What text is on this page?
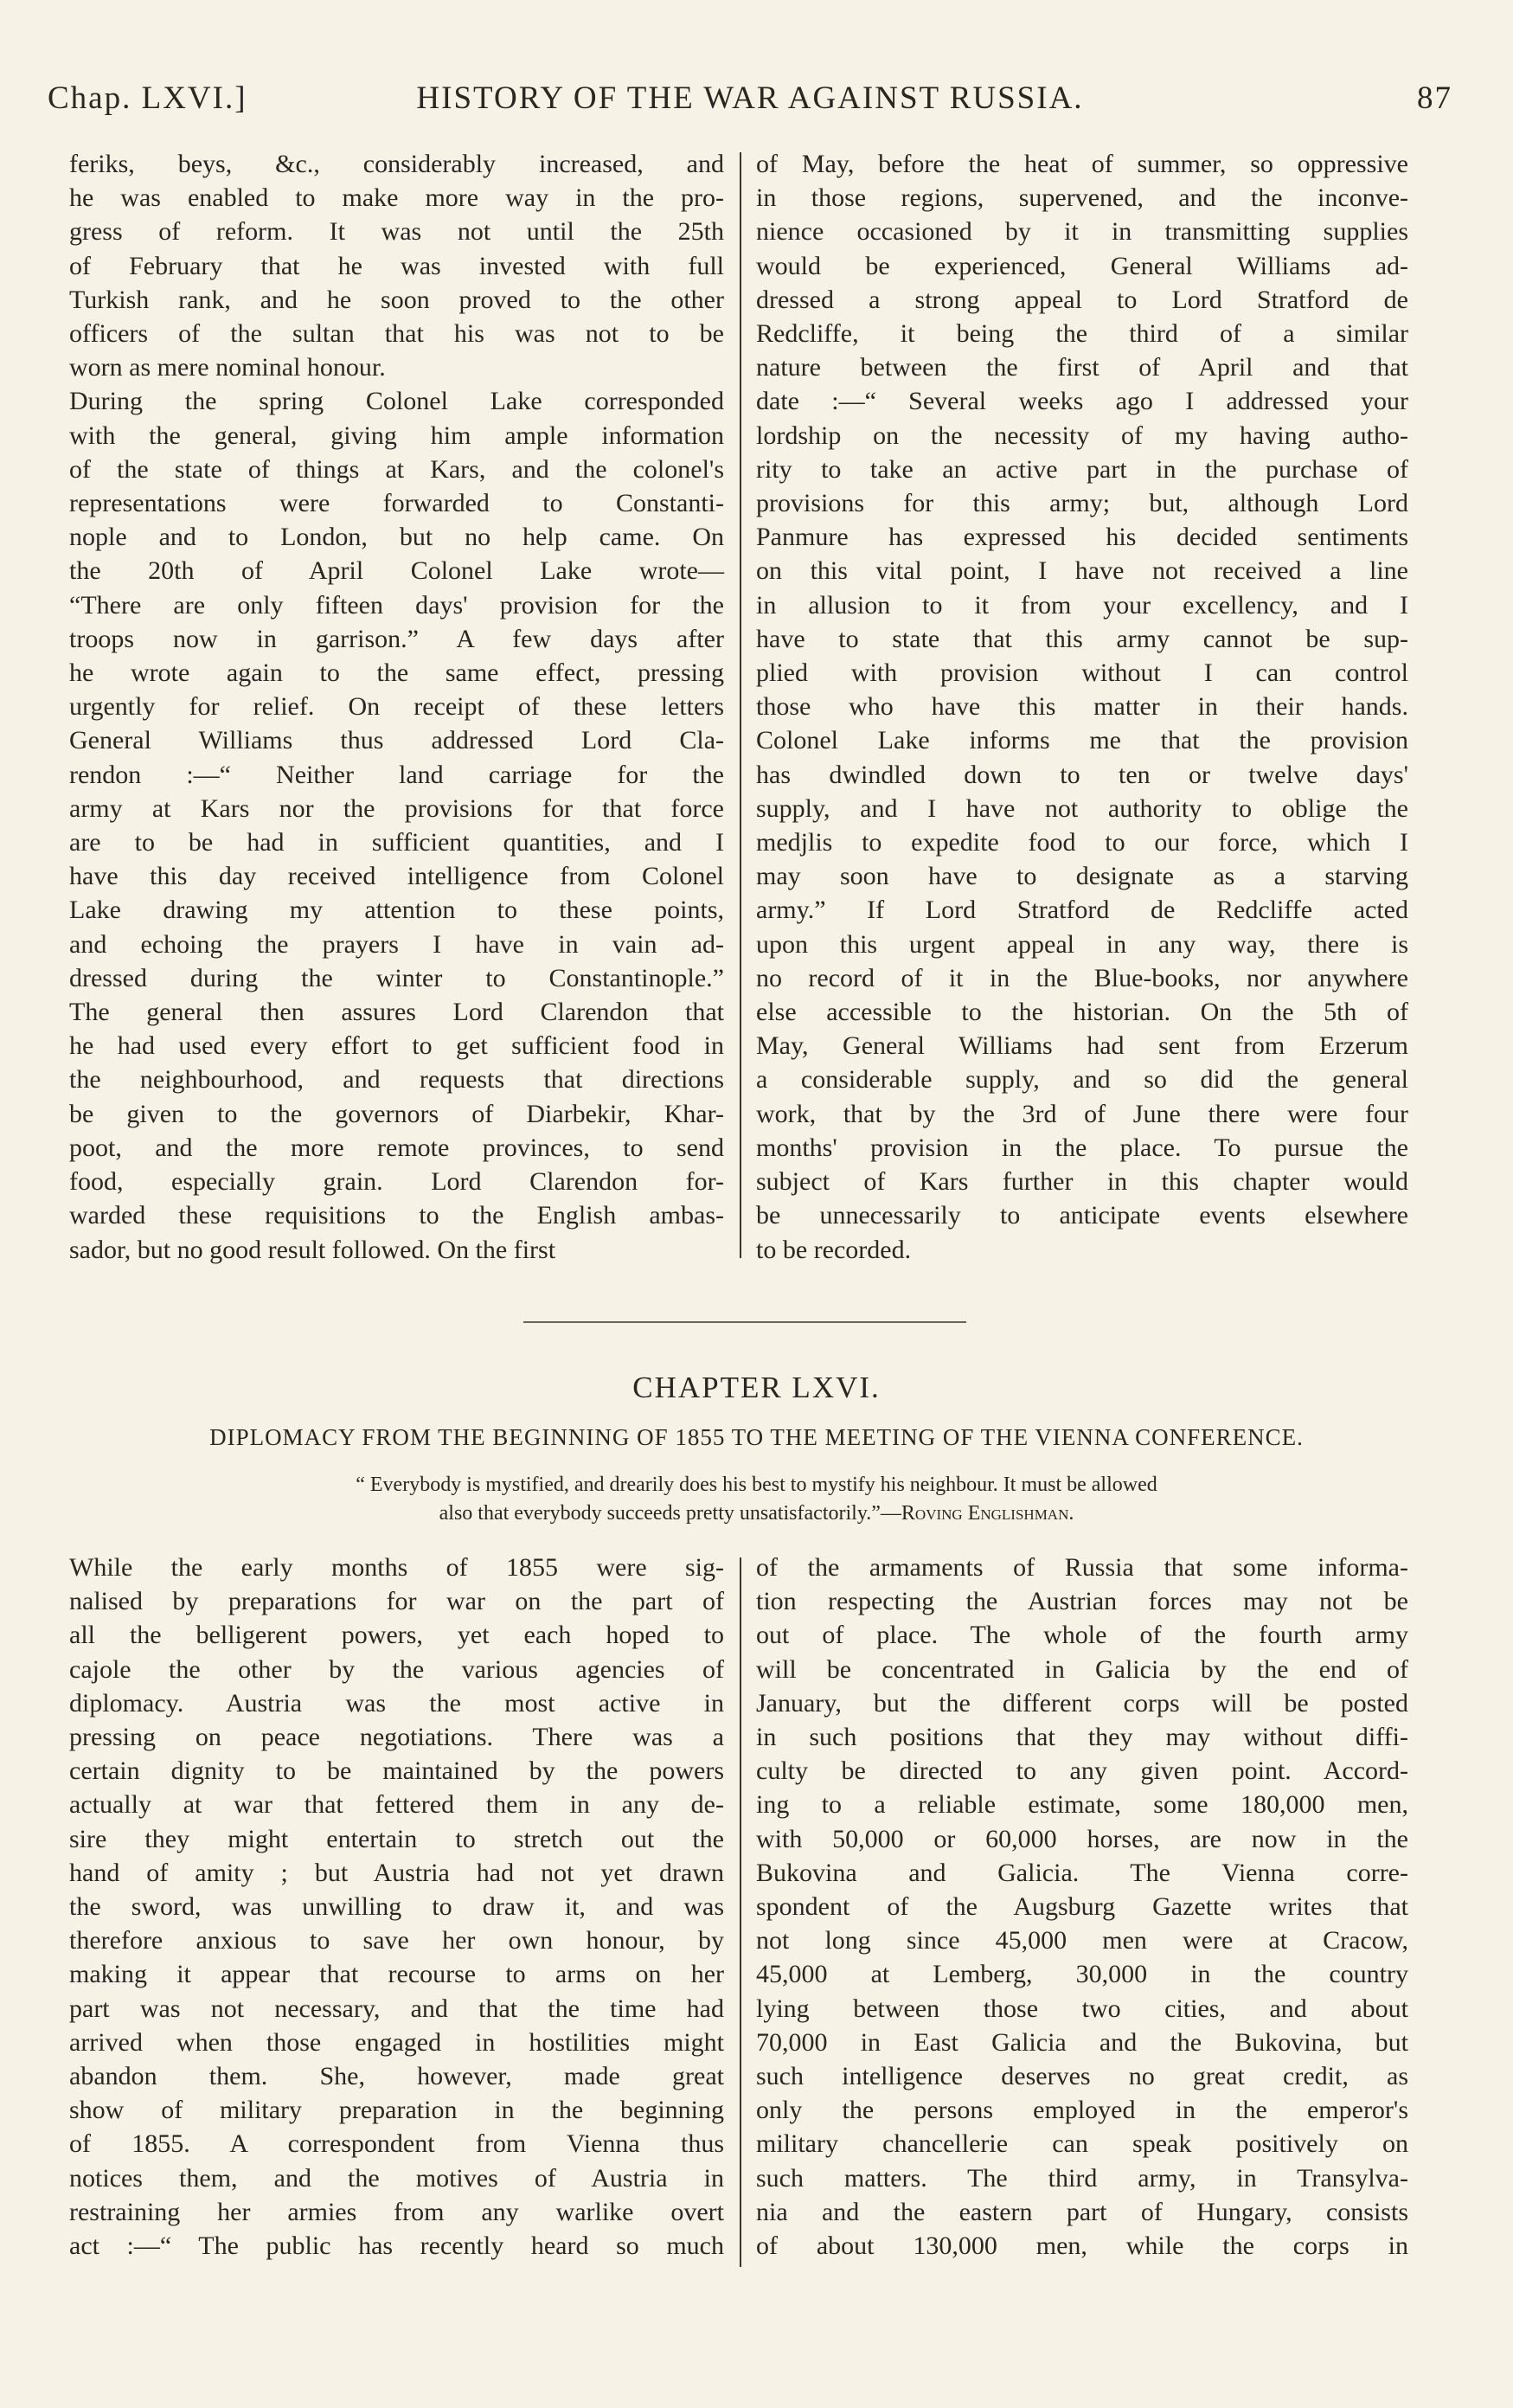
Chap. LXVI.]	HISTORY OF THE WAR AGAINST RUSSIA.	87

feriks, beys, &c., considerably increased, and

he was enabled to make more way in the pro-

gress of reform. It was not until the 25th

of February that he was invested with full

Turkish rank, and he soon proved to the other

officers of the sultan that his was not to be

worn as mere nominal honour.

During the spring Colonel Lake corresponded

with the general, giving him ample information

of the state of things at Kars, and the colonel's

representations were forwarded to Constanti-

nople and to London, but no help came. On

the 20th of April Colonel Lake wrote—

“There are only fifteen days' provision for the

troops now in garrison.” A few days after

he wrote again to the same effect, pressing

urgently for relief. On receipt of these letters

General Williams thus addressed Lord Cla-

rendon :—“ Neither land carriage for the

army at Kars nor the provisions for that force

are to be had in sufficient quantities, and I

have this day received intelligence from Colonel

Lake drawing my attention to these points,

and echoing the prayers I have in vain ad-

dressed during the winter to Constantinople.”

The general then assures Lord Clarendon that

he had used every effort to get sufficient food in

the neighbourhood, and requests that directions

be given to the governors of Diarbekir, Khar-

poot, and the more remote provinces, to send

food, especially grain. Lord Clarendon for-

warded these requisitions to the English ambas-

sador, but no good result followed. On the first

of May, before the heat of summer, so oppressive

in those regions, supervened, and the inconve-

nience occasioned by it in transmitting supplies

would be experienced, General Williams ad-

dressed a strong appeal to Lord Stratford de

Redcliffe, it being the third of a similar

nature between the first of April and that

date :—“ Several weeks ago I addressed your

lordship on the necessity of my having autho-

rity to take an active part in the purchase of

provisions for this army; but, although Lord

Panmure has expressed his decided sentiments

on this vital point, I have not received a line

in allusion to it from your excellency, and I

have to state that this army cannot be sup-

plied with provision without I can control

those who have this matter in their hands.

Colonel Lake informs me that the provision

has dwindled down to ten or twelve days'

supply, and I have not authority to oblige the

medjlis to expedite food to our force, which I

may soon have to designate as a starving

army.” If Lord Stratford de Redcliffe acted

upon this urgent appeal in any way, there is

no record of it in the Blue-books, nor anywhere

else accessible to the historian. On the 5th of

May, General Williams had sent from Erzerum

a considerable supply, and so did the general

work, that by the 3rd of June there were four

months' provision in the place. To pursue the

subject of Kars further in this chapter would

be unnecessarily to anticipate events elsewhere

to be recorded.

CHAPTER LXVI.
DIPLOMACY FROM THE BEGINNING OF 1855 TO THE MEETING OF THE VIENNA CONFERENCE.
“ Everybody is mystified, and drearily does his best to mystify his neighbour. It must be allowed
also that everybody succeeds pretty unsatisfactorily.”—Roving Englishman.

While the early months of 1855 were sig-

nalised by preparations for war on the part of

all the belligerent powers, yet each hoped to

cajole the other by the various agencies of

diplomacy. Austria was the most active in

pressing on peace negotiations. There was a

certain dignity to be maintained by the powers

actually at war that fettered them in any de-

sire they might entertain to stretch out the

hand of amity ; but Austria had not yet drawn

the sword, was unwilling to draw it, and was

therefore anxious to save her own honour, by

making it appear that recourse to arms on her

part was not necessary, and that the time had

arrived when those engaged in hostilities might

abandon them. She, however, made great

show of military preparation in the beginning

of 1855. A correspondent from Vienna thus

notices them, and the motives of Austria in

restraining her armies from any warlike overt

act :—“ The public has recently heard so much

of the armaments of Russia that some informa-

tion respecting the Austrian forces may not be

out of place. The whole of the fourth army

will be concentrated in Galicia by the end of

January, but the different corps will be posted

in such positions that they may without diffi-

culty be directed to any given point. Accord-

ing to a reliable estimate, some 180,000 men,

with 50,000 or 60,000 horses, are now in the

Bukovina and Galicia. The Vienna corre-

spondent of the Augsburg Gazette writes that

not long since 45,000 men were at Cracow,

45,000 at Lemberg, 30,000 in the country

lying between those two cities, and about

70,000 in East Galicia and the Bukovina, but

such intelligence deserves no great credit, as

only the persons employed in the emperor's

military chancellerie can speak positively on

such matters. The third army, in Transylva-

nia and the eastern part of Hungary, consists

of about 130,000 men, while the corps in
